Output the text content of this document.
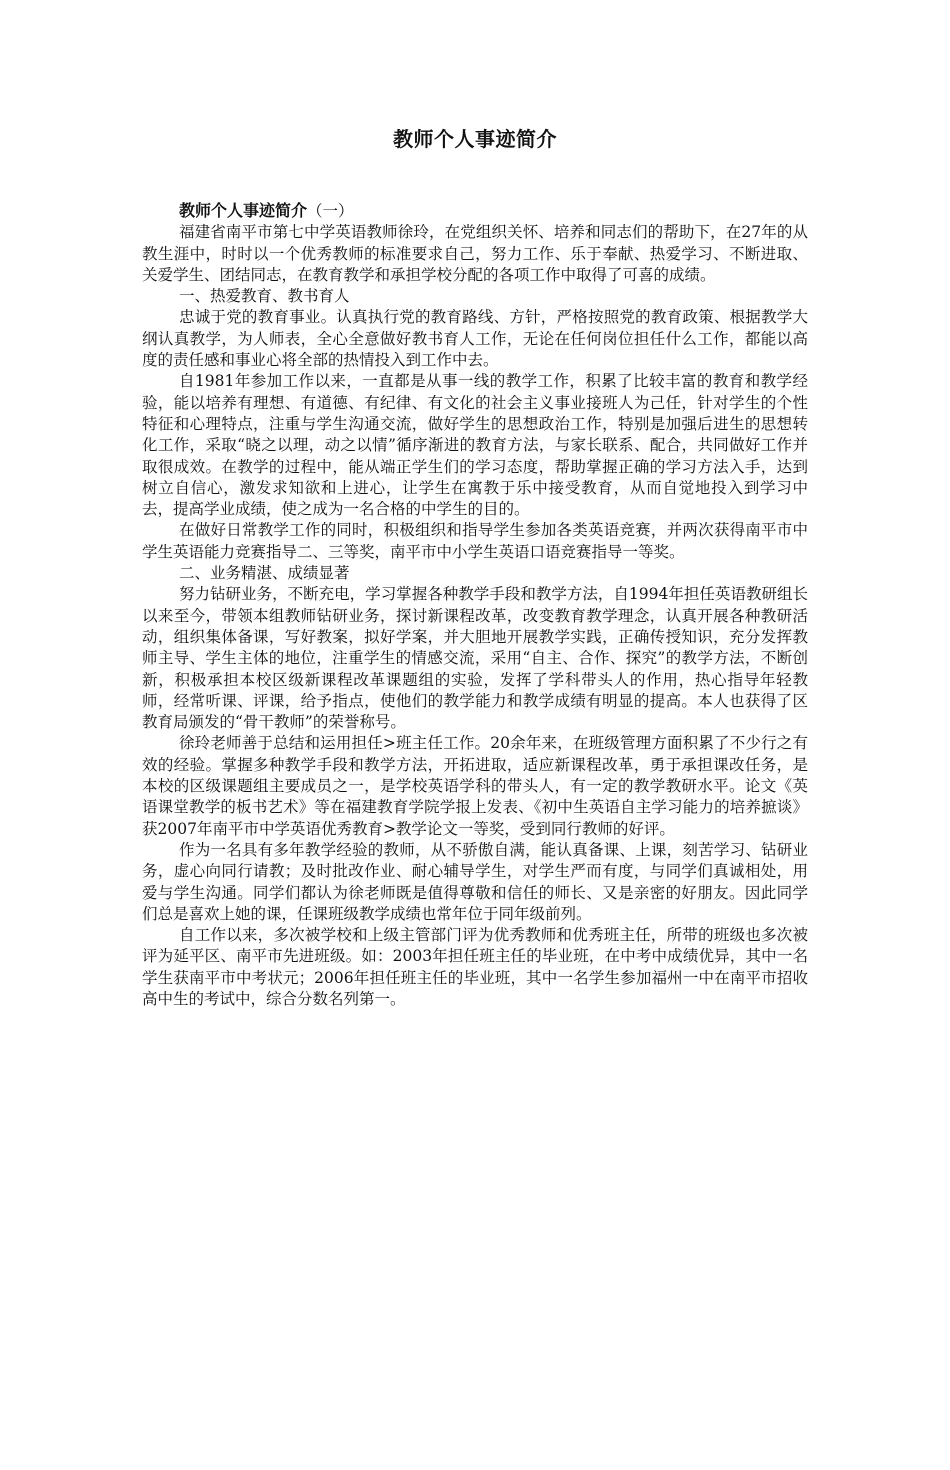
教师个人事迹简介
教师个人事迹简介（一）

福建省南平市第七中学英语教师徐玲，在党组织关怀、培养和同志们的帮助下，在27年的从教生涯中，时时以一个优秀教师的标准要求自己，努力工作、乐于奉献、热爱学习、不断进取、关爱学生、团结同志，在教育教学和承担学校分配的各项工作中取得了可喜的成绩。

一、热爱教育、教书育人

忠诚于党的教育事业。认真执行党的教育路线、方针，严格按照党的教育政策、根据教学大纲认真教学，为人师表，全心全意做好教书育人工作，无论在任何岗位担任什么工作，都能以高度的责任感和事业心将全部的热情投入到工作中去。

自1981年参加工作以来，一直都是从事一线的教学工作，积累了比较丰富的教育和教学经验，能以培养有理想、有道德、有纪律、有文化的社会主义事业接班人为己任，针对学生的个性特征和心理特点，注重与学生沟通交流，做好学生的思想政治工作，特别是加强后进生的思想转化工作，采取“晓之以理，动之以情”循序渐进的教育方法，与家长联系、配合，共同做好工作并取很成效。在教学的过程中，能从端正学生们的学习态度，帮助掌握正确的学习方法入手，达到树立自信心，激发求知欲和上进心，让学生在寓教于乐中接受教育，从而自觉地投入到学习中去，提高学业成绩，使之成为一名合格的中学生的目的。

在做好日常教学工作的同时，积极组织和指导学生参加各类英语竞赛，并两次获得南平市中学生英语能力竞赛指导二、三等奖，南平市中小学生英语口语竞赛指导一等奖。

二、业务精湛、成绩显著

努力钻研业务，不断充电，学习掌握各种教学手段和教学方法，自1994年担任英语教研组长以来至今，带领本组教师钻研业务，探讨新课程改革，改变教育教学理念，认真开展各种教研活动，组织集体备课，写好教案，拟好学案，并大胆地开展教学实践，正确传授知识，充分发挥教师主导、学生主体的地位，注重学生的情感交流，采用“自主、合作、探究”的教学方法，不断创新，积极承担本校区级新课程改革课题组的实验，发挥了学科带头人的作用，热心指导年轻教师，经常听课、评课，给予指点，使他们的教学能力和教学成绩有明显的提高。本人也获得了区教育局颁发的“骨干教师”的荣誉称号。

徐玲老师善于总结和运用担任>班主任工作。20余年来，在班级管理方面积累了不少行之有效的经验。掌握多种教学手段和教学方法，开拓进取，适应新课程改革，勇于承担课改任务，是本校的区级课题组主要成员之一，是学校英语学科的带头人，有一定的教学教研水平。论文《英语课堂教学的板书艺术》等在福建教育学院学报上发表、《初中生英语自主学习能力的培养摭谈》获2007年南平市中学英语优秀教育>教学论文一等奖，受到同行教师的好评。

作为一名具有多年教学经验的教师，从不骄傲自满，能认真备课、上课，刻苦学习、钻研业务，虚心向同行请教；及时批改作业、耐心辅导学生，对学生严而有度，与同学们真诚相处，用爱与学生沟通。同学们都认为徐老师既是值得尊敬和信任的师长、又是亲密的好朋友。因此同学们总是喜欢上她的课，任课班级教学成绩也常年位于同年级前列。

自工作以来，多次被学校和上级主管部门评为优秀教师和优秀班主任，所带的班级也多次被评为延平区、南平市先进班级。如：2003年担任班主任的毕业班，在中考中成绩优异，其中一名学生获南平市中考状元；2006年担任班主任的毕业班，其中一名学生参加福州一中在南平市招收高中生的考试中，综合分数名列第一。
